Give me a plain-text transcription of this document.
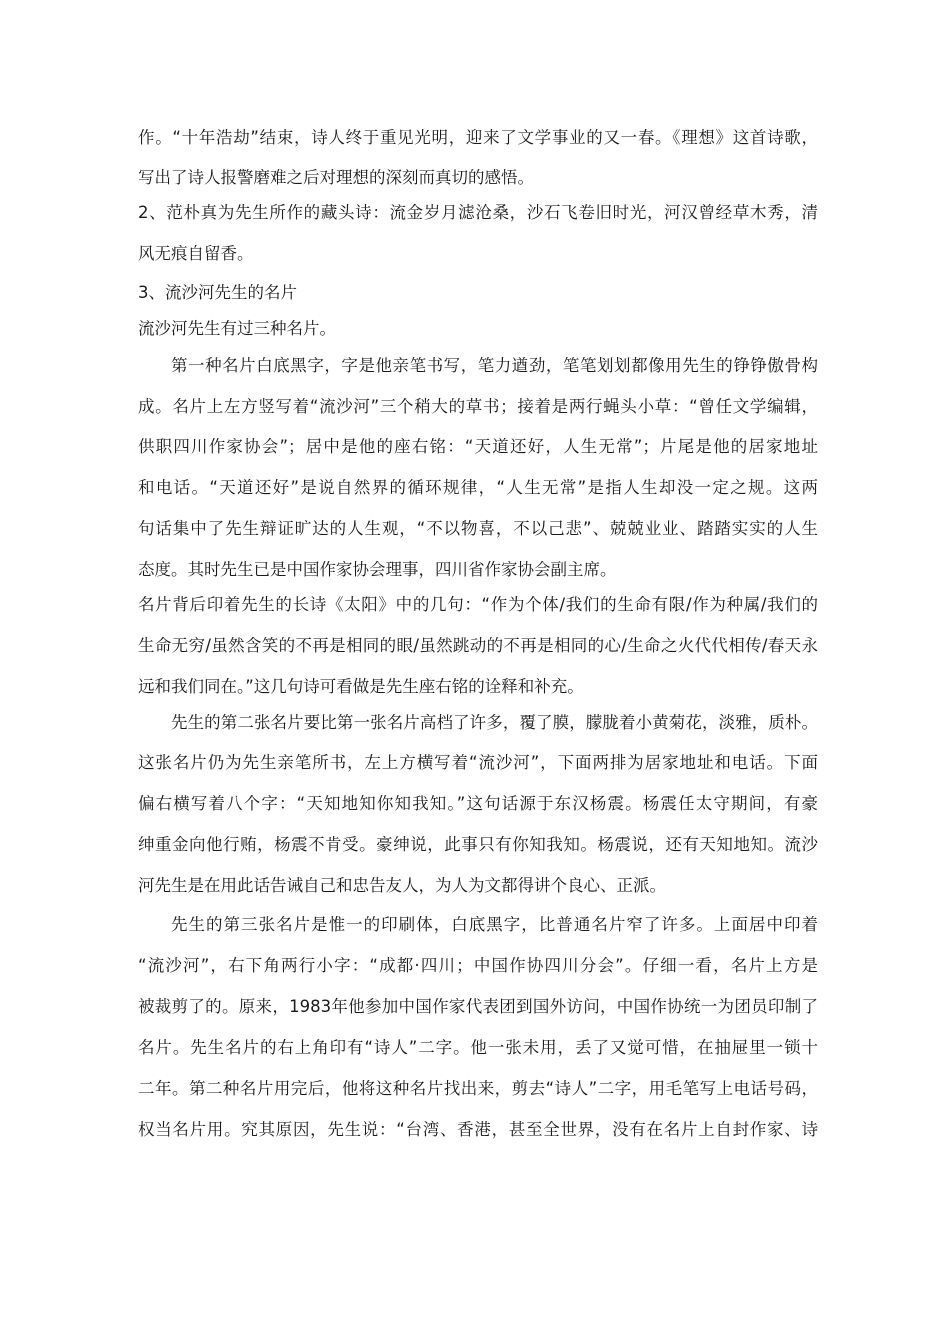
作。“十年浩劫”结束，诗人终于重见光明，迎来了文学事业的又一春。《理想》这首诗歌，
写出了诗人报警磨难之后对理想的深刻而真切的感悟。
2、范朴真为先生所作的藏头诗：流金岁月滤沧桑，沙石飞卷旧时光，河汉曾经草木秀，清
风无痕自留香。
3、流沙河先生的名片
流沙河先生有过三种名片。
第一种名片白底黑字，字是他亲笔书写，笔力遒劲，笔笔划划都像用先生的铮铮傲骨构
成。名片上左方竖写着“流沙河”三个稍大的草书；接着是两行蝇头小草：“曾任文学编辑，
供职四川作家协会”；居中是他的座右铭：“天道还好，人生无常”；片尾是他的居家地址
和电话。“天道还好”是说自然界的循环规律，“人生无常”是指人生却没一定之规。这两
句话集中了先生辩证旷达的人生观，“不以物喜，不以己悲”、兢兢业业、踏踏实实的人生
态度。其时先生已是中国作家协会理事，四川省作家协会副主席。
名片背后印着先生的长诗《太阳》中的几句：“作为个体/我们的生命有限/作为种属/我们的
生命无穷/虽然含笑的不再是相同的眼/虽然跳动的不再是相同的心/生命之火代代相传/春天永
远和我们同在。”这几句诗可看做是先生座右铭的诠释和补充。
先生的第二张名片要比第一张名片高档了许多，覆了膜，朦胧着小黄菊花，淡雅，质朴。
这张名片仍为先生亲笔所书，左上方横写着“流沙河”，下面两排为居家地址和电话。下面
偏右横写着八个字：“天知地知你知我知。”这句话源于东汉杨震。杨震任太守期间，有豪
绅重金向他行贿，杨震不肯受。豪绅说，此事只有你知我知。杨震说，还有天知地知。流沙
河先生是在用此话告诫自己和忠告友人，为人为文都得讲个良心、正派。
先生的第三张名片是惟一的印刷体，白底黑字，比普通名片窄了许多。上面居中印着
“流沙河”，右下角两行小字：“成都·四川；中国作协四川分会”。仔细一看，名片上方是
被裁剪了的。原来，1983年他参加中国作家代表团到国外访问，中国作协统一为团员印制了
名片。先生名片的右上角印有“诗人”二字。他一张未用，丢了又觉可惜，在抽屉里一锁十
二年。第二种名片用完后，他将这种名片找出来，剪去“诗人”二字，用毛笔写上电话号码，
权当名片用。究其原因，先生说：“台湾、香港，甚至全世界，没有在名片上自封作家、诗
